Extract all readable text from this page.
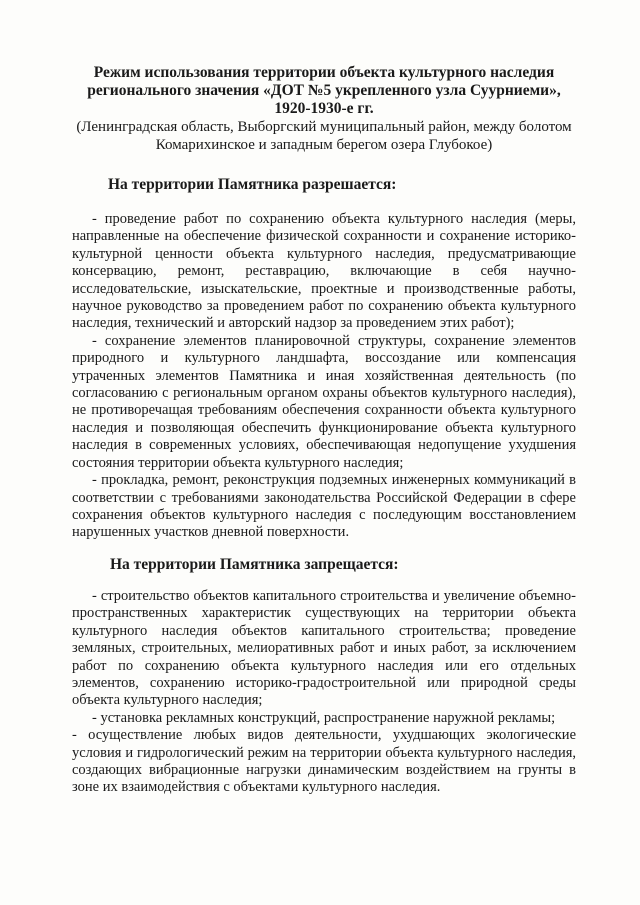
Режим использования территории объекта культурного наследия

регионального значения «ДОТ №5 укрепленного узла Суурниеми»,

1920-1930-е гг.

(Ленинградская область, Выборгский муниципальный район, между болотом

Комарихинское и западным берегом озера Глубокое)

На территории Памятника разрешается:

- проведение работ по сохранению объекта культурного наследия (меры, направленные на обеспечение физической сохранности и сохранение историко-культурной ценности объекта культурного наследия, предусматривающие консервацию, ремонт, реставрацию, включающие в себя научно-исследовательские, изыскательские, проектные и производственные работы, научное руководство за проведением работ по сохранению объекта культурного наследия, технический и авторский надзор за проведением этих работ);

- сохранение элементов планировочной структуры, сохранение элементов природного и культурного ландшафта, воссоздание или компенсация утраченных элементов Памятника и иная хозяйственная деятельность (по согласованию с региональным органом охраны объектов культурного наследия), не противоречащая требованиям обеспечения сохранности объекта культурного наследия и позволяющая обеспечить функционирование объекта культурного наследия в современных условиях, обеспечивающая недопущение ухудшения состояния территории объекта культурного наследия;

- прокладка, ремонт, реконструкция подземных инженерных коммуникаций в соответствии с требованиями законодательства Российской Федерации в сфере сохранения объектов культурного наследия с последующим восстановлением нарушенных участков дневной поверхности.

На территории Памятника запрещается:

- строительство объектов капитального строительства и увеличение объемно-пространственных характеристик существующих на территории объекта культурного наследия объектов капитального строительства; проведение земляных, строительных, мелиоративных работ и иных работ, за исключением работ по сохранению объекта культурного наследия или его отдельных элементов, сохранению историко-градостроительной или природной среды объекта культурного наследия;

- установка рекламных конструкций, распространение наружной рекламы;

- осуществление любых видов деятельности, ухудшающих экологические условия и гидрологический режим на территории объекта культурного наследия, создающих вибрационные нагрузки динамическим воздействием на грунты в зоне их взаимодействия с объектами культурного наследия.
